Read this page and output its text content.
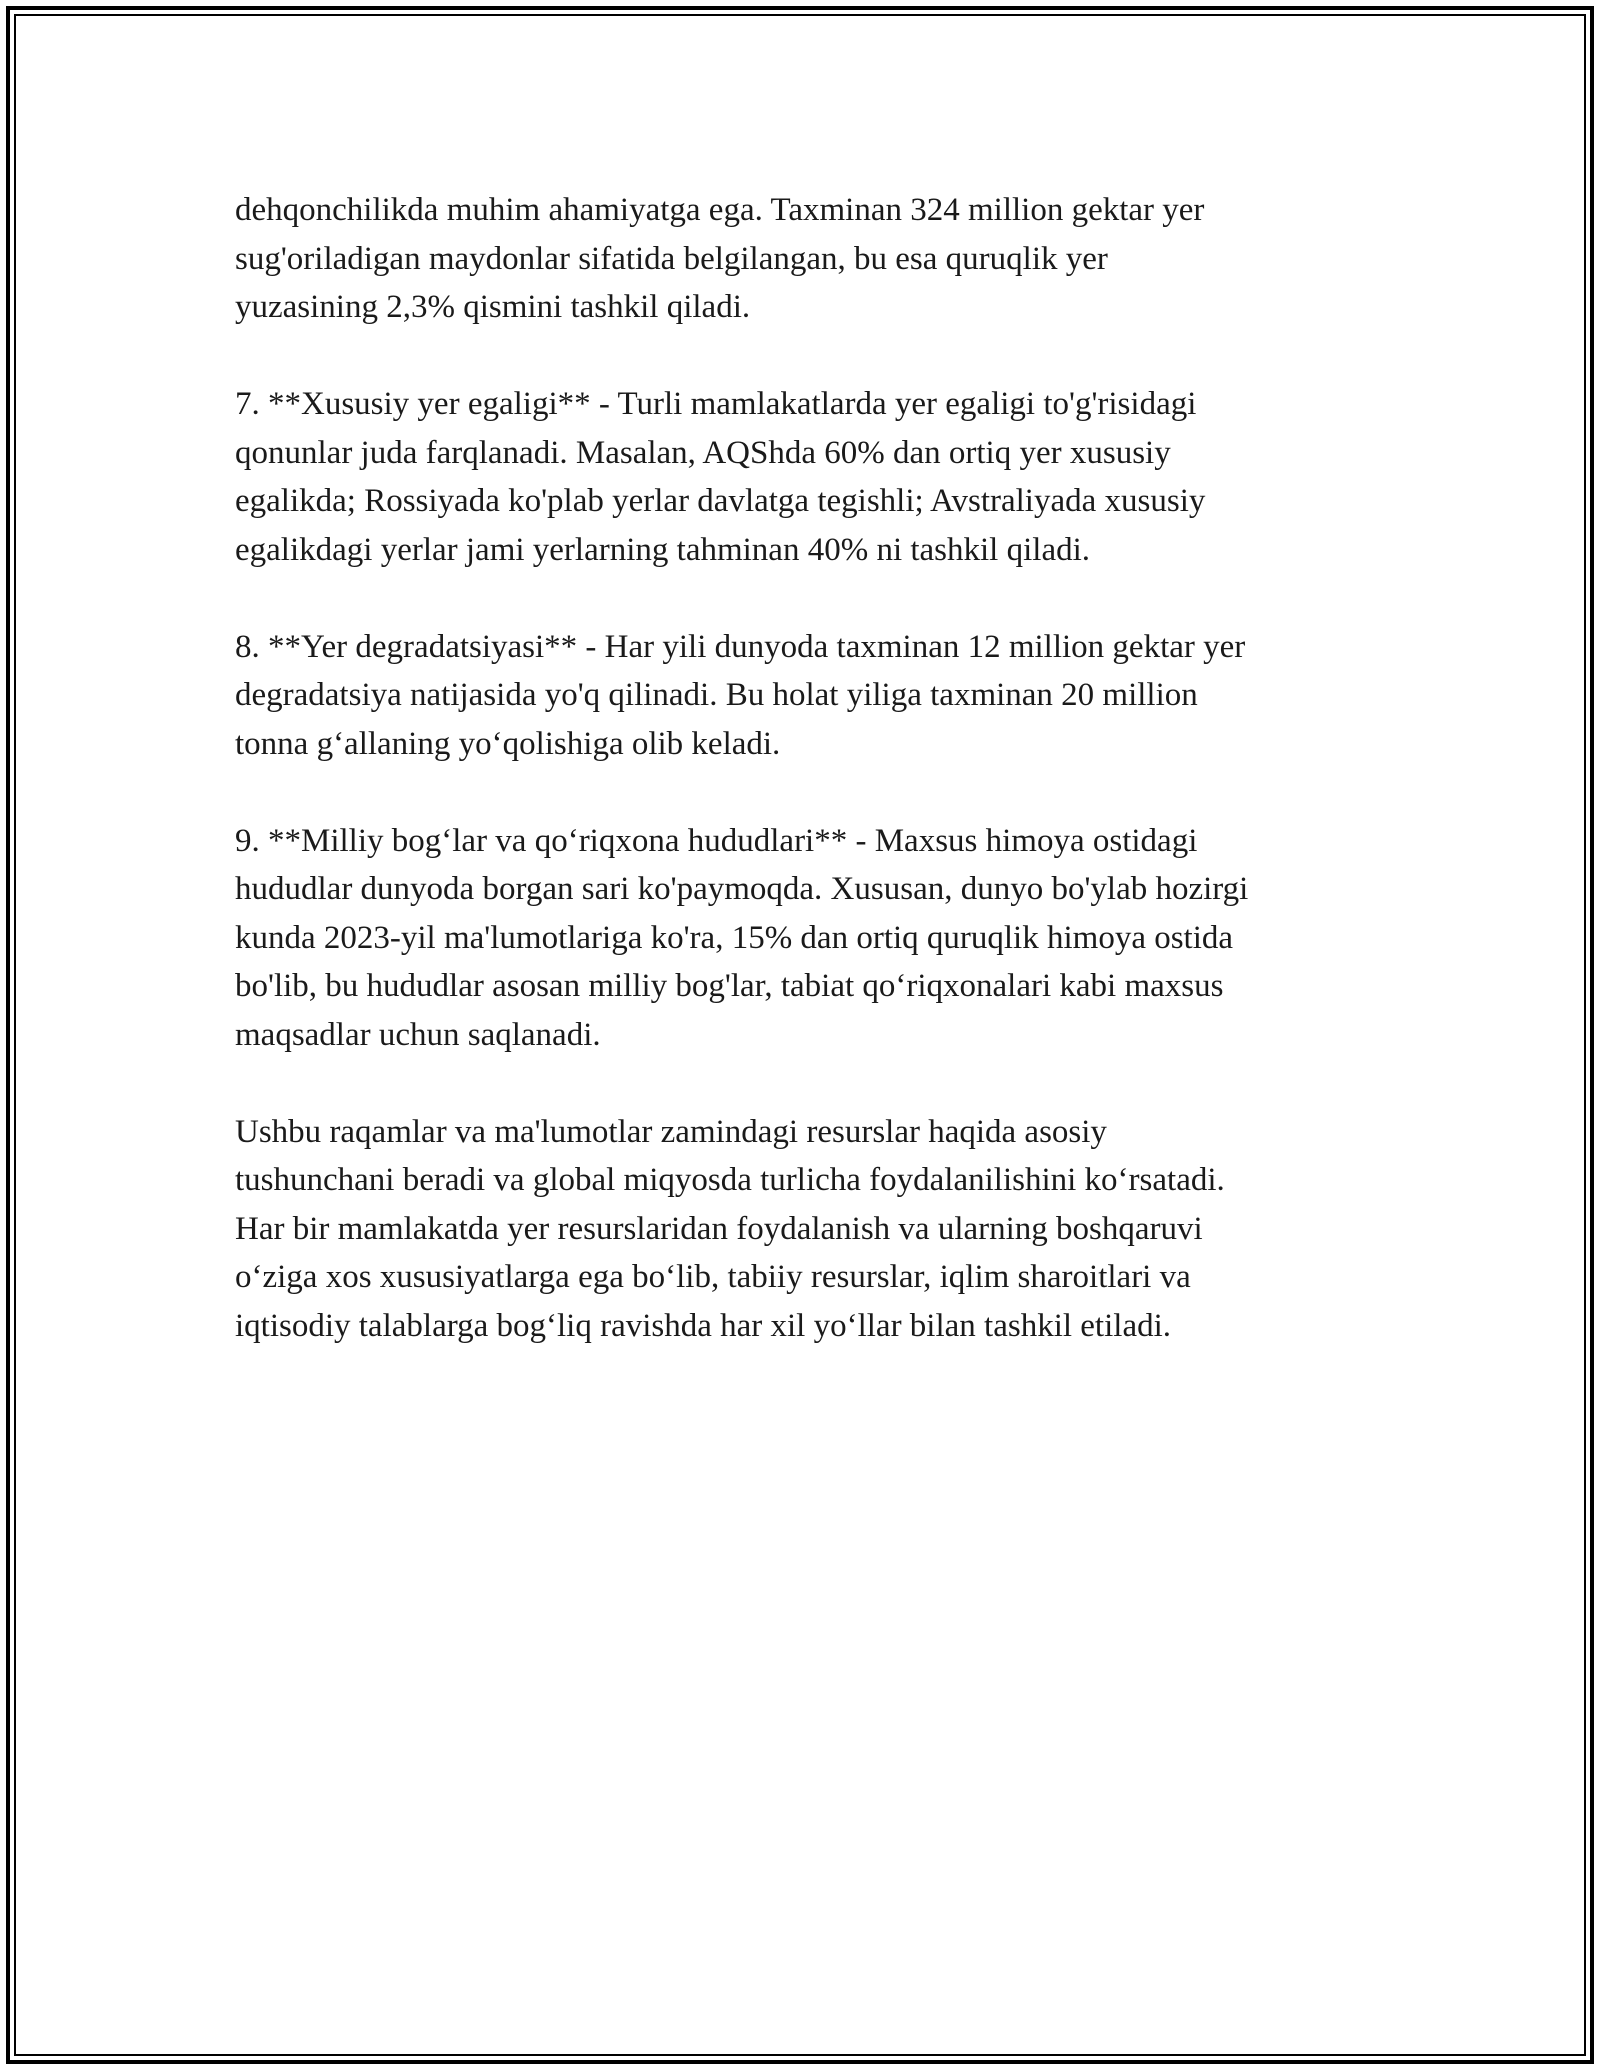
dehqonchilikda muhim ahamiyatga ega. Taxminan 324 million gektar yer
sug'oriladigan maydonlar sifatida belgilangan, bu esa quruqlik yer
yuzasining 2,3% qismini tashkil qiladi.

7. **Xususiy yer egaligi** - Turli mamlakatlarda yer egaligi to'g'risidagi
qonunlar juda farqlanadi. Masalan, AQShda 60% dan ortiq yer xususiy
egalikda; Rossiyada ko'plab yerlar davlatga tegishli; Avstraliyada xususiy
egalikdagi yerlar jami yerlarning tahminan 40% ni tashkil qiladi.

8. **Yer degradatsiyasi** - Har yili dunyoda taxminan 12 million gektar yer
degradatsiya natijasida yo'q qilinadi. Bu holat yiliga taxminan 20 million
tonna g‘allaning yo‘qolishiga olib keladi.

9. **Milliy bog‘lar va qo‘riqxona hududlari** - Maxsus himoya ostidagi
hududlar dunyoda borgan sari ko'paymoqda. Xususan, dunyo bo'ylab hozirgi
kunda 2023-yil ma'lumotlariga ko'ra, 15% dan ortiq quruqlik himoya ostida
bo'lib, bu hududlar asosan milliy bog'lar, tabiat qo‘riqxonalari kabi maxsus
maqsadlar uchun saqlanadi.

Ushbu raqamlar va ma'lumotlar zamindagi resurslar haqida asosiy
tushunchani beradi va global miqyosda turlicha foydalanilishini ko‘rsatadi.
Har bir mamlakatda yer resurslaridan foydalanish va ularning boshqaruvi
o‘ziga xos xususiyatlarga ega bo‘lib, tabiiy resurslar, iqlim sharoitlari va
iqtisodiy talablarga bog‘liq ravishda har xil yo‘llar bilan tashkil etiladi.
